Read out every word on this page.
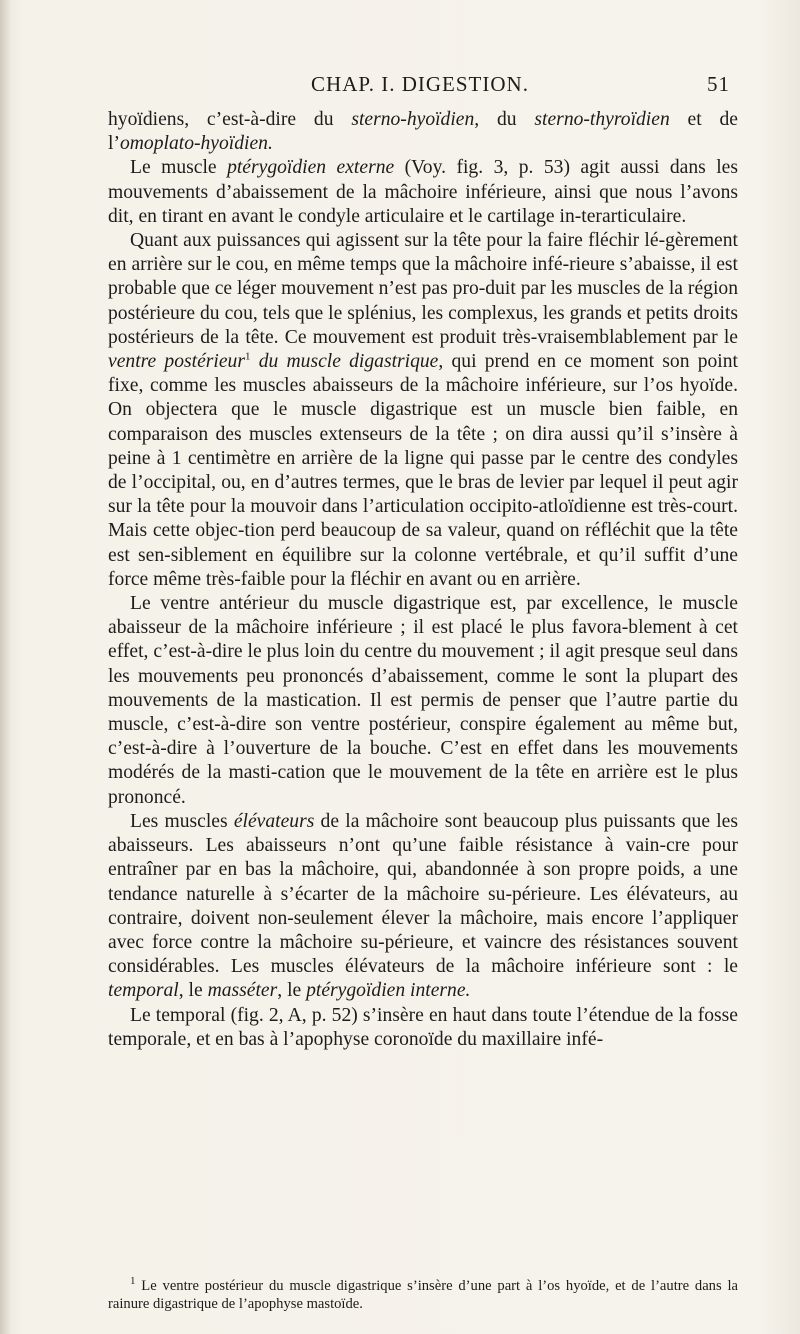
CHAP. I. DIGESTION.	51

hyoïdiens, c’est-à-dire du sterno-hyoïdien, du sterno-thyroïdien et de l’omoplato-hyoïdien.

Le muscle ptérygoïdien externe (Voy. fig. 3, p. 53) agit aussi dans les mouvements d’abaissement de la mâchoire inférieure, ainsi que nous l’avons dit, en tirant en avant le condyle articulaire et le cartilage in-terarticulaire.

Quant aux puissances qui agissent sur la tête pour la faire fléchir lé-gèrement en arrière sur le cou, en même temps que la mâchoire infé-rieure s’abaisse, il est probable que ce léger mouvement n’est pas pro-duit par les muscles de la région postérieure du cou, tels que le splénius, les complexus, les grands et petits droits postérieurs de la tête. Ce mouvement est produit très-vraisemblablement par le ventre postérieur$^1$ du muscle digastrique, qui prend en ce moment son point fixe, comme les muscles abaisseurs de la mâchoire inférieure, sur l’os hyoïde. On objectera que le muscle digastrique est un muscle bien faible, en comparaison des muscles extenseurs de la tête ; on dira aussi qu’il s’insère à peine à 1 centimètre en arrière de la ligne qui passe par le centre des condyles de l’occipital, ou, en d’autres termes, que le bras de levier par lequel il peut agir sur la tête pour la mouvoir dans l’articulation occipito-atloïdienne est très-court. Mais cette objec-tion perd beaucoup de sa valeur, quand on réfléchit que la tête est sen-siblement en équilibre sur la colonne vertébrale, et qu’il suffit d’une force même très-faible pour la fléchir en avant ou en arrière.

Le ventre antérieur du muscle digastrique est, par excellence, le muscle abaisseur de la mâchoire inférieure ; il est placé le plus favora-blement à cet effet, c’est-à-dire le plus loin du centre du mouvement ; il agit presque seul dans les mouvements peu prononcés d’abaissement, comme le sont la plupart des mouvements de la mastication. Il est permis de penser que l’autre partie du muscle, c’est-à-dire son ventre postérieur, conspire également au même but, c’est-à-dire à l’ouverture de la bouche. C’est en effet dans les mouvements modérés de la masti-cation que le mouvement de la tête en arrière est le plus prononcé.

Les muscles élévateurs de la mâchoire sont beaucoup plus puissants que les abaisseurs. Les abaisseurs n’ont qu’une faible résistance à vain-cre pour entraîner par en bas la mâchoire, qui, abandonnée à son propre poids, a une tendance naturelle à s’écarter de la mâchoire su-périeure. Les élévateurs, au contraire, doivent non-seulement élever la mâchoire, mais encore l’appliquer avec force contre la mâchoire su-périeure, et vaincre des résistances souvent considérables. Les muscles élévateurs de la mâchoire inférieure sont : le temporal, le masséter, le ptérygoïdien interne.

Le temporal (fig. 2, A, p. 52) s’insère en haut dans toute l’étendue de la fosse temporale, et en bas à l’apophyse coronoïde du maxillaire infé-

$^1$ Le ventre postérieur du muscle digastrique s’insère d’une part à l’os hyoïde, et de l’autre dans la rainure digastrique de l’apophyse mastoïde.
